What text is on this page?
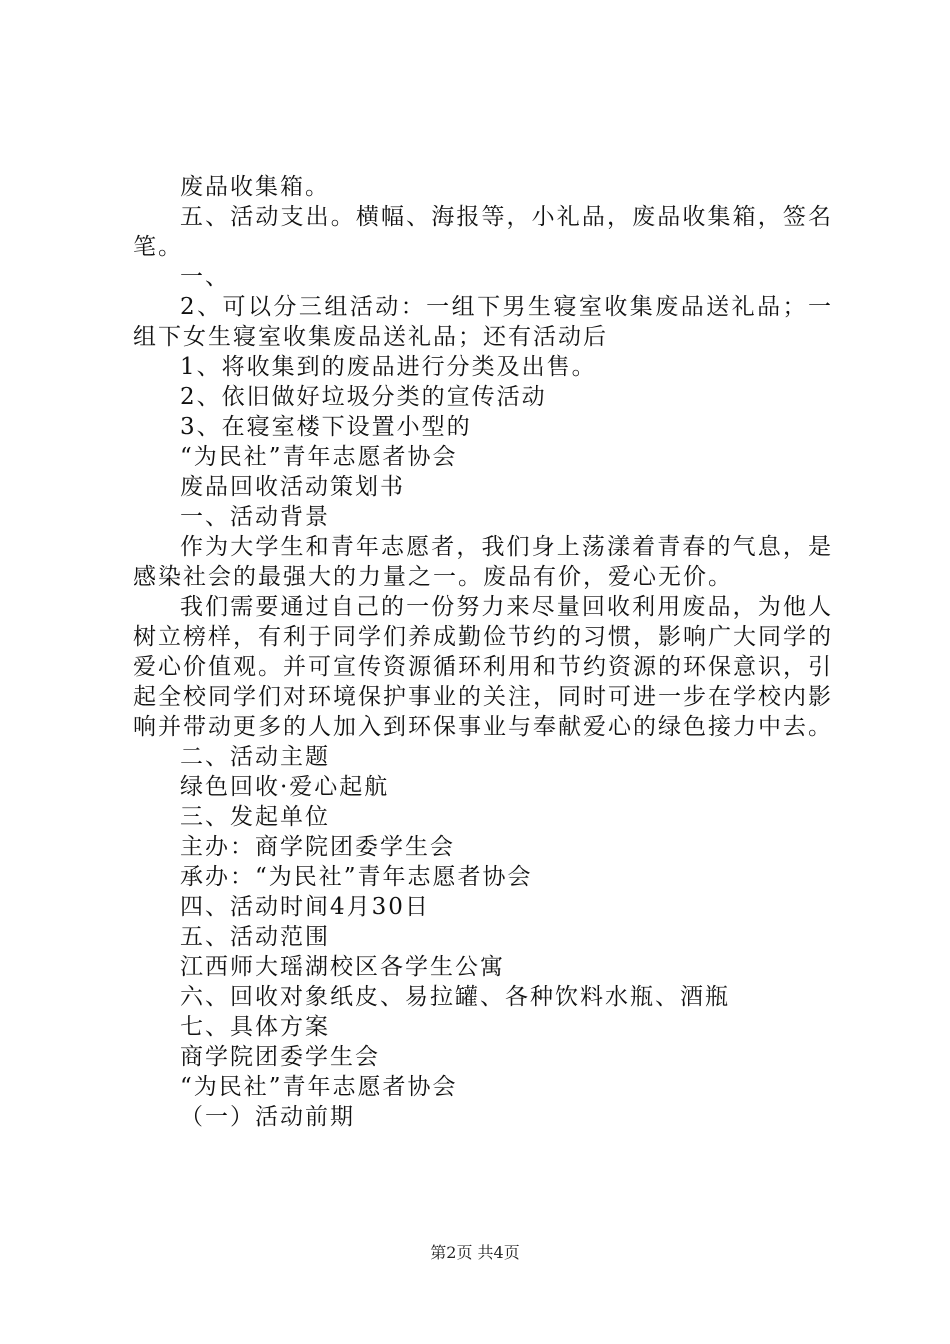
废品收集箱。

五、活动支出。横幅、海报等，小礼品，废品收集箱，签名笔。

一、

2、可以分三组活动：一组下男生寝室收集废品送礼品；一组下女生寝室收集废品送礼品；还有活动后

1、将收集到的废品进行分类及出售。

2、依旧做好垃圾分类的宣传活动

3、在寝室楼下设置小型的

“为民社”青年志愿者协会

废品回收活动策划书

一、活动背景

作为大学生和青年志愿者，我们身上荡漾着青春的气息，是感染社会的最强大的力量之一。废品有价，爱心无价。

我们需要通过自己的一份努力来尽量回收利用废品，为他人树立榜样，有利于同学们养成勤俭节约的习惯，影响广大同学的爱心价值观。并可宣传资源循环利用和节约资源的环保意识，引起全校同学们对环境保护事业的关注，同时可进一步在学校内影响并带动更多的人加入到环保事业与奉献爱心的绿色接力中去。

二、活动主题

绿色回收·爱心起航

三、发起单位

主办：商学院团委学生会

承办：“为民社”青年志愿者协会

四、活动时间4月30日

五、活动范围

江西师大瑶湖校区各学生公寓

六、回收对象纸皮、易拉罐、各种饮料水瓶、酒瓶

七、具体方案

商学院团委学生会

“为民社”青年志愿者协会

（一）活动前期

第2页 共4页
